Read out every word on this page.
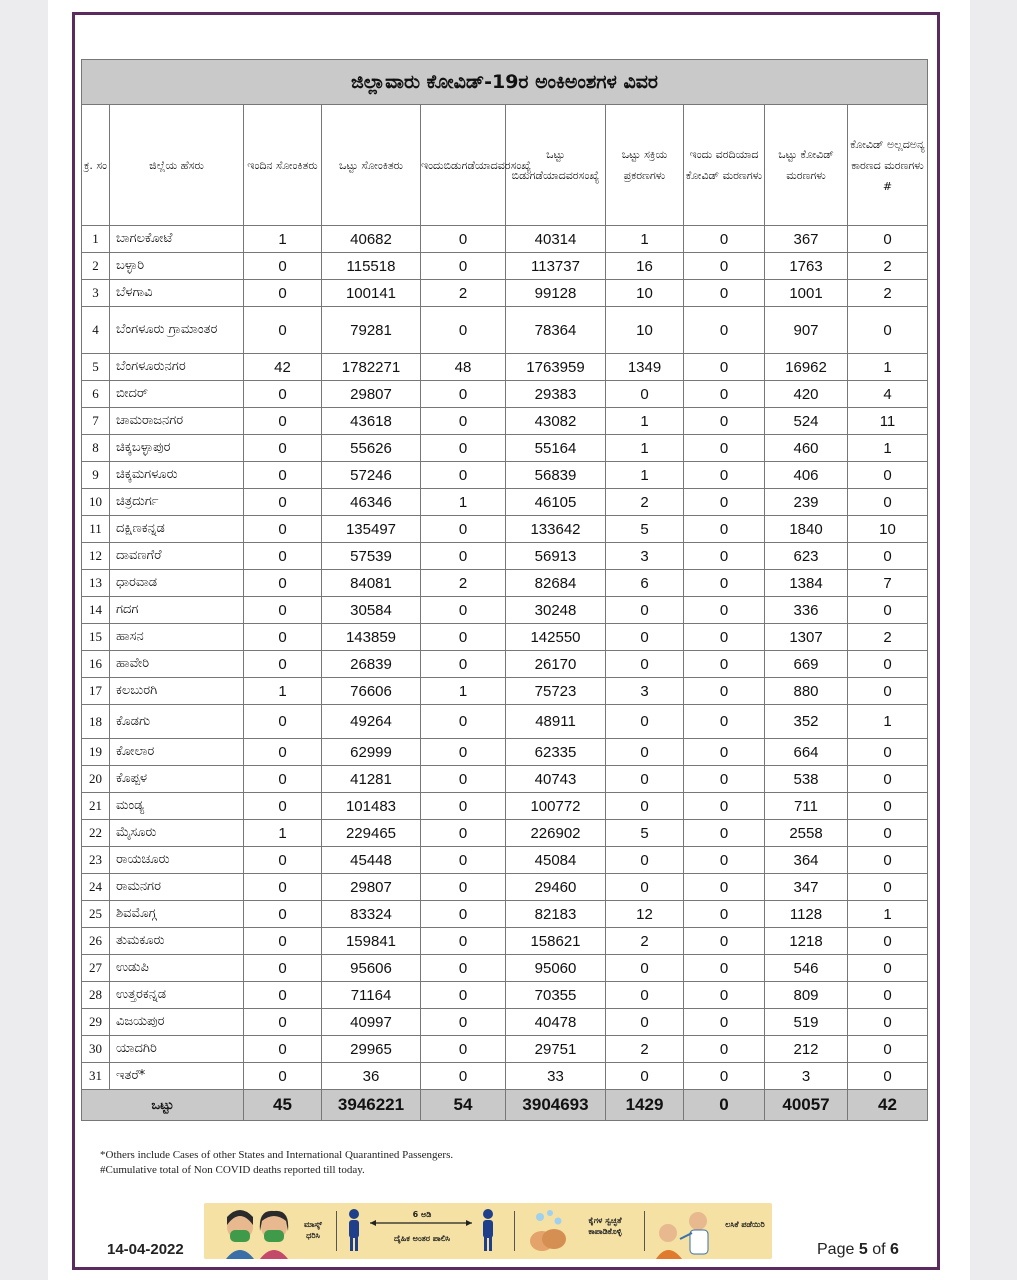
ಜಿಲ್ಲಾವಾರು ಕೋವಿಡ್-19ರ ಅಂಕಿಅಂಶಗಳ ವಿವರ									
ಕ್ರ. ಸಂ	ಜಿಲ್ಲೆಯ ಹೆಸರು	ಇಂದಿನ ಸೋಂಕಿತರು	ಒಟ್ಟು ಸೋಂಕಿತರು	ಇಂದುಬಿಡುಗಡೆಯಾದವರಸಂಖ್ಯೆ	ಒಟ್ಟು ಬಿಡುಗಡೆಯಾದವರಸಂಖ್ಯೆ	ಒಟ್ಟು ಸಕ್ರಿಯ ಪ್ರಕರಣಗಳು	ಇಂದು ವರದಿಯಾದ ಕೋವಿಡ್ ಮರಣಗಳು	ಒಟ್ಟು ಕೋವಿಡ್ ಮರಣಗಳು	ಕೋವಿಡ್ ಅಲ್ಲದಅನ್ಯ ಕಾರಣದ ಮರಣಗಳು #
1	ಬಾಗಲಕೋಟೆ	1	40682	0	40314	1	0	367	0
2	ಬಳ್ಳಾರಿ	0	115518	0	113737	16	0	1763	2
3	ಬೆಳಗಾವಿ	0	100141	2	99128	10	0	1001	2
4	ಬೆಂಗಳೂರು ಗ್ರಾಮಾಂತರ	0	79281	0	78364	10	0	907	0
5	ಬೆಂಗಳೂರುನಗರ	42	1782271	48	1763959	1349	0	16962	1
6	ಬೀದರ್	0	29807	0	29383	0	0	420	4
7	ಚಾಮರಾಜನಗರ	0	43618	0	43082	1	0	524	11
8	ಚಿಕ್ಕಬಳ್ಳಾಪುರ	0	55626	0	55164	1	0	460	1
9	ಚಿಕ್ಕಮಗಳೂರು	0	57246	0	56839	1	0	406	0
10	ಚಿತ್ರದುರ್ಗ	0	46346	1	46105	2	0	239	0
11	ದಕ್ಷಿಣಕನ್ನಡ	0	135497	0	133642	5	0	1840	10
12	ದಾವಣಗೆರೆ	0	57539	0	56913	3	0	623	0
13	ಧಾರವಾಡ	0	84081	2	82684	6	0	1384	7
14	ಗದಗ	0	30584	0	30248	0	0	336	0
15	ಹಾಸನ	0	143859	0	142550	0	0	1307	2
16	ಹಾವೇರಿ	0	26839	0	26170	0	0	669	0
17	ಕಲಬುರಗಿ	1	76606	1	75723	3	0	880	0
18	ಕೊಡಗು	0	49264	0	48911	0	0	352	1
19	ಕೋಲಾರ	0	62999	0	62335	0	0	664	0
20	ಕೊಪ್ಪಳ	0	41281	0	40743	0	0	538	0
21	ಮಂಡ್ಯ	0	101483	0	100772	0	0	711	0
22	ಮೈಸೂರು	1	229465	0	226902	5	0	2558	0
23	ರಾಯಚೂರು	0	45448	0	45084	0	0	364	0
24	ರಾಮನಗರ	0	29807	0	29460	0	0	347	0
25	ಶಿವಮೊಗ್ಗ	0	83324	0	82183	12	0	1128	1
26	ತುಮಕೂರು	0	159841	0	158621	2	0	1218	0
27	ಉಡುಪಿ	0	95606	0	95060	0	0	546	0
28	ಉತ್ತರಕನ್ನಡ	0	71164	0	70355	0	0	809	0
29	ವಿಜಯಪುರ	0	40997	0	40478	0	0	519	0
30	ಯಾದಗಿರಿ	0	29965	0	29751	2	0	212	0
31	ಇತರೆ*	0	36	0	33	0	0	3	0
ಒಟ್ಟು		45	3946221	54	3904693	1429	0	40057	42
*Others include Cases of other States and International Quarantined Passengers.
#Cumulative total of Non COVID deaths reported till today.
ಮಾಸ್ಕ್ ಧರಿಸಿ
6 ಅಡಿ
ದೈಹಿಕ ಅಂತರ ಪಾಲಿಸಿ
ಕೈಗಳ ಸ್ವಚ್ಛತೆ ಕಾಪಾಡಿಕೊಳ್ಳಿ
ಲಸಿಕೆ ಪಡೆಯಿರಿ
14-04-2022	Page 5 of 6
